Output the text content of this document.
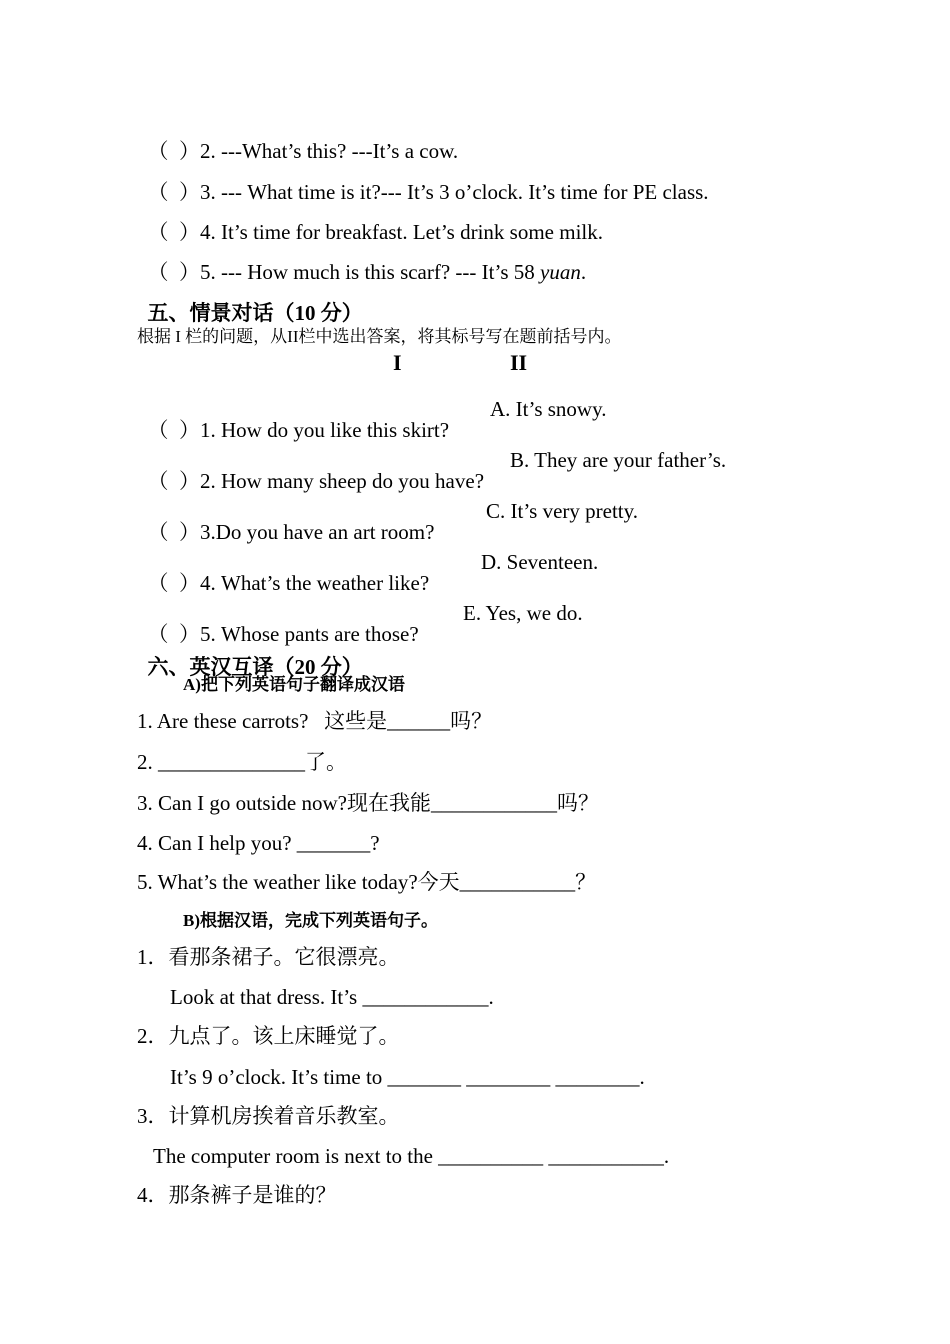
（  ）2. ---What’s this? ---It’s a cow.

（  ）3. --- What time is it?--- It’s 3 o’clock. It’s time for PE class.

（  ）4. It’s time for breakfast. Let’s drink some milk.

（  ）5. --- How much is this scarf? --- It’s 58 yuan.

五、情景对话（10 分）

根据 I 栏的问题，从II栏中选出答案，将其标号写在题前括号内。
I	II

（  ）1. How do you like this skirt?

A. It’s snowy.

（  ）2. How many sheep do you have?

B. They are your father’s.

（  ）3.Do you have an art room?

C. It’s very pretty.

（  ）4. What’s the weather like?

D. Seventeen.

（  ）5. Whose pants are those?

E. Yes, we do.

六、英汉互译（20 分）

A)把下列英语句子翻译成汉语
1. Are these carrots?   这些是______吗？
2. ______________了。
3. Can I go outside now?现在我能____________吗？
4. Can I help you? _______?
5. What’s the weather like today?今天___________？
B)根据汉语，完成下列英语句子。
1．看那条裙子。它很漂亮。
Look at that dress. It’s ____________.
2．九点了。该上床睡觉了。
It’s 9 o’clock. It’s time to _______ ________ ________.
3．计算机房挨着音乐教室。
The computer room is next to the __________ ___________.
4．那条裤子是谁的？
